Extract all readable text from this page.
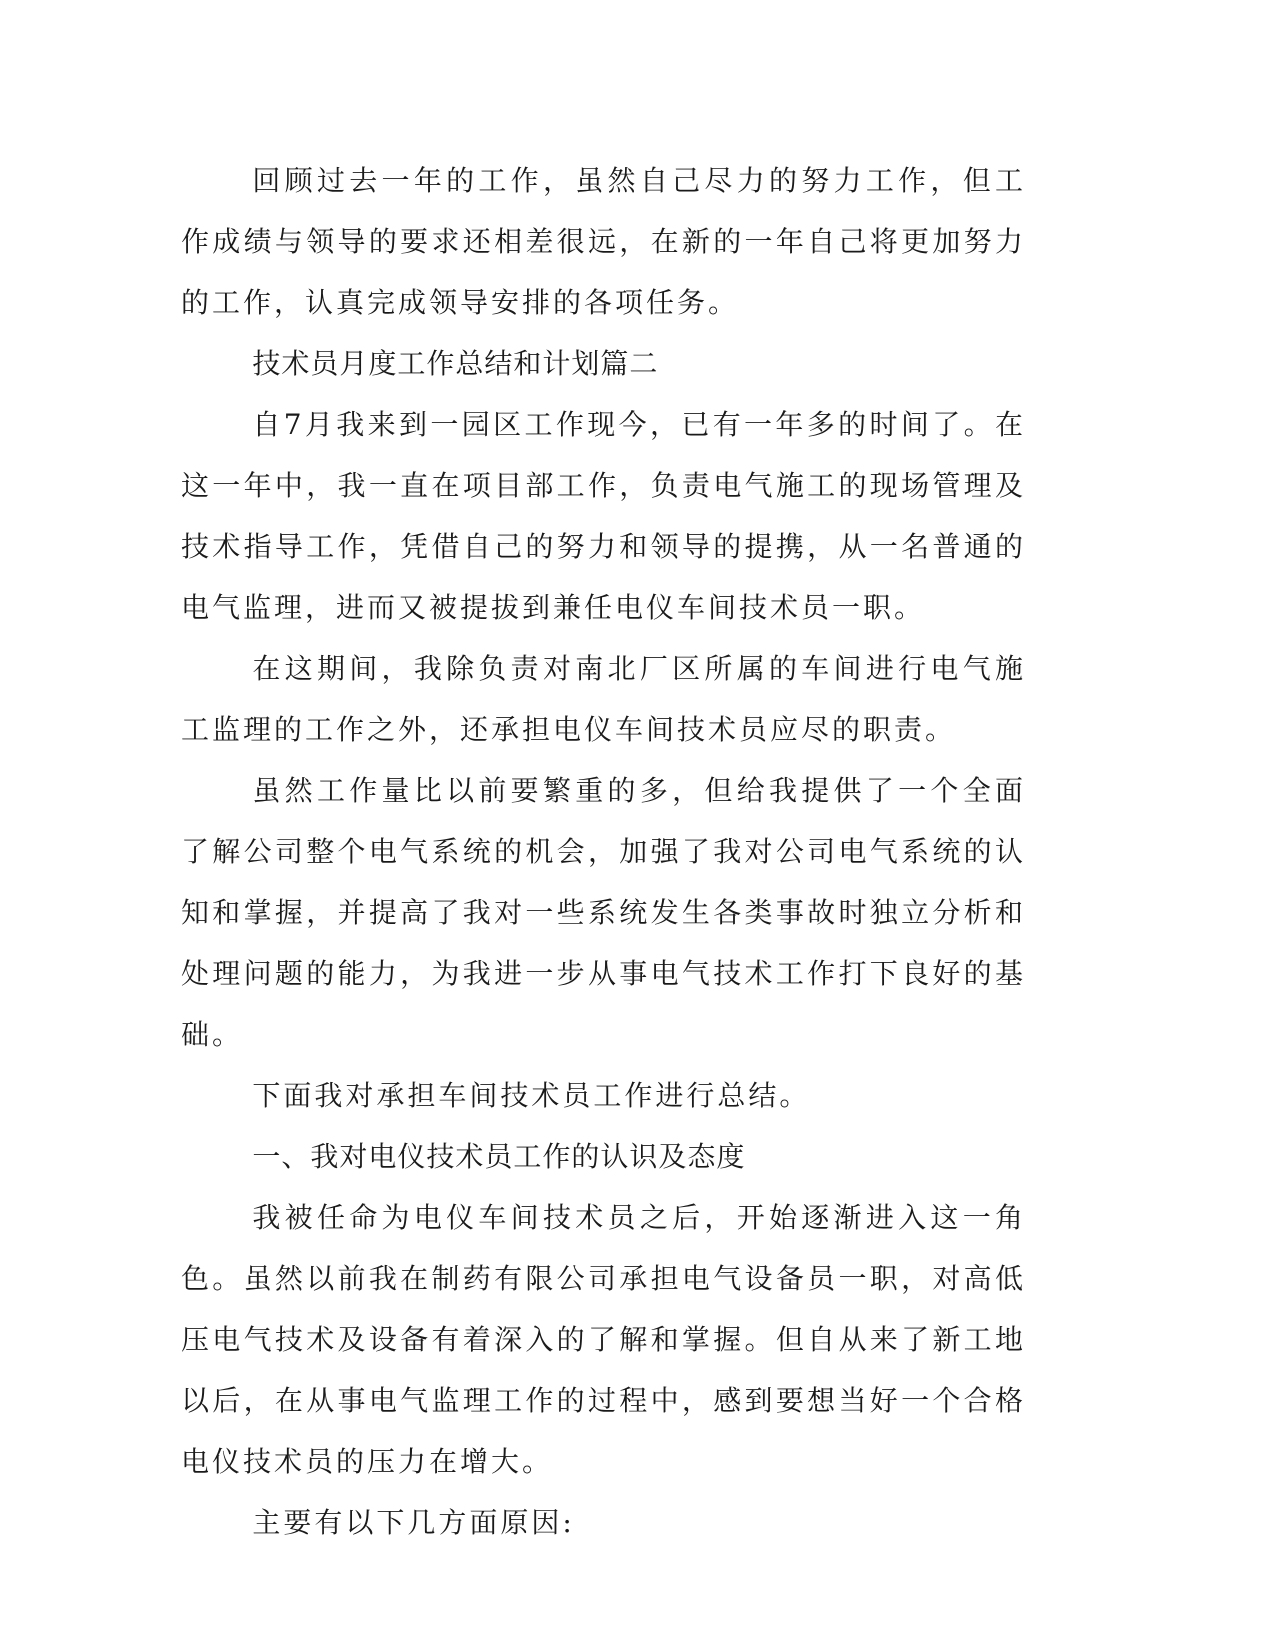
回顾过去一年的工作，虽然自己尽力的努力工作，但工作成绩与领导的要求还相差很远，在新的一年自己将更加努力的工作，认真完成领导安排的各项任务。

技术员月度工作总结和计划篇二

自7月我来到一园区工作现今，已有一年多的时间了。在这一年中，我一直在项目部工作，负责电气施工的现场管理及技术指导工作，凭借自己的努力和领导的提携，从一名普通的电气监理，进而又被提拔到兼任电仪车间技术员一职。

在这期间，我除负责对南北厂区所属的车间进行电气施工监理的工作之外，还承担电仪车间技术员应尽的职责。

虽然工作量比以前要繁重的多，但给我提供了一个全面了解公司整个电气系统的机会，加强了我对公司电气系统的认知和掌握，并提高了我对一些系统发生各类事故时独立分析和处理问题的能力，为我进一步从事电气技术工作打下良好的基础。

下面我对承担车间技术员工作进行总结。

一、我对电仪技术员工作的认识及态度

我被任命为电仪车间技术员之后，开始逐渐进入这一角色。虽然以前我在制药有限公司承担电气设备员一职，对高低压电气技术及设备有着深入的了解和掌握。但自从来了新工地以后，在从事电气监理工作的过程中，感到要想当好一个合格电仪技术员的压力在增大。

主要有以下几方面原因:
